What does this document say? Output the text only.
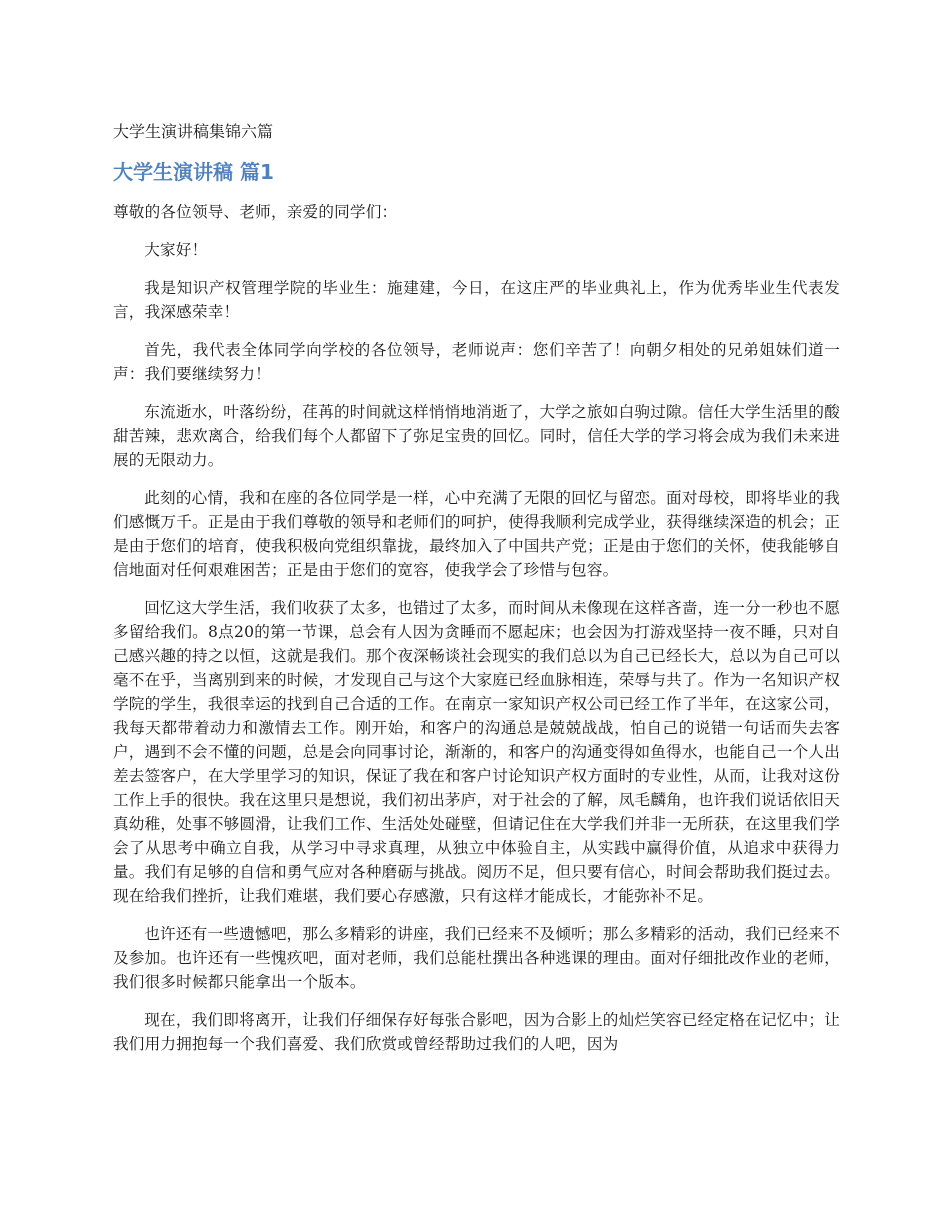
大学生演讲稿集锦六篇
大学生演讲稿 篇1

尊敬的各位领导、老师，亲爱的同学们：

大家好！

我是知识产权管理学院的毕业生：施建建，今日，在这庄严的毕业典礼上，作为优秀毕业生代表发言，我深感荣幸！

首先，我代表全体同学向学校的各位领导，老师说声：您们辛苦了！向朝夕相处的兄弟姐妹们道一声：我们要继续努力！

东流逝水，叶落纷纷，荏苒的时间就这样悄悄地消逝了，大学之旅如白驹过隙。信任大学生活里的酸甜苦辣，悲欢离合，给我们每个人都留下了弥足宝贵的回忆。同时，信任大学的学习将会成为我们未来进展的无限动力。

此刻的心情，我和在座的各位同学是一样，心中充满了无限的回忆与留恋。面对母校，即将毕业的我们感慨万千。正是由于我们尊敬的领导和老师们的呵护，使得我顺利完成学业，获得继续深造的机会；正是由于您们的培育，使我积极向党组织靠拢，最终加入了中国共产党；正是由于您们的关怀，使我能够自信地面对任何艰难困苦；正是由于您们的宽容，使我学会了珍惜与包容。

回忆这大学生活，我们收获了太多，也错过了太多，而时间从未像现在这样吝啬，连一分一秒也不愿多留给我们。8点20的第一节课，总会有人因为贪睡而不愿起床；也会因为打游戏坚持一夜不睡，只对自己感兴趣的持之以恒，这就是我们。那个夜深畅谈社会现实的我们总以为自己已经长大，总以为自己可以毫不在乎，当离别到来的时候，才发现自己与这个大家庭已经血脉相连，荣辱与共了。作为一名知识产权学院的学生，我很幸运的找到自己合适的工作。在南京一家知识产权公司已经工作了半年，在这家公司，我每天都带着动力和激情去工作。刚开始，和客户的沟通总是兢兢战战，怕自己的说错一句话而失去客户，遇到不会不懂的问题，总是会向同事讨论，渐渐的，和客户的沟通变得如鱼得水，也能自己一个人出差去签客户，在大学里学习的知识，保证了我在和客户讨论知识产权方面时的专业性，从而，让我对这份工作上手的很快。我在这里只是想说，我们初出茅庐，对于社会的了解，凤毛麟角，也许我们说话依旧天真幼稚，处事不够圆滑，让我们工作、生活处处碰壁，但请记住在大学我们并非一无所获，在这里我们学会了从思考中确立自我，从学习中寻求真理，从独立中体验自主，从实践中赢得价值，从追求中获得力量。我们有足够的自信和勇气应对各种磨砺与挑战。阅历不足，但只要有信心，时间会帮助我们挺过去。现在给我们挫折，让我们难堪，我们要心存感激，只有这样才能成长，才能弥补不足。

也许还有一些遗憾吧，那么多精彩的讲座，我们已经来不及倾听；那么多精彩的活动，我们已经来不及参加。也许还有一些愧疚吧，面对老师，我们总能杜撰出各种逃课的理由。面对仔细批改作业的老师，我们很多时候都只能拿出一个版本。

现在，我们即将离开，让我们仔细保存好每张合影吧，因为合影上的灿烂笑容已经定格在记忆中；让我们用力拥抱每一个我们喜爱、我们欣赏或曾经帮助过我们的人吧，因为
